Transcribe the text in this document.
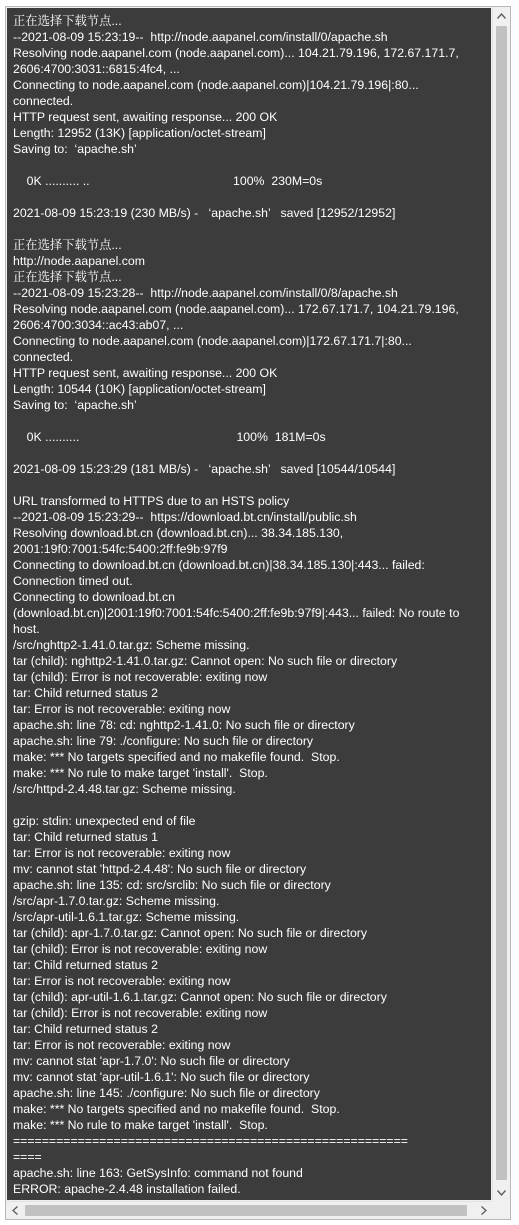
正在选择下载节点...
--2021-08-09 15:23:19--  http://node.aapanel.com/install/0/apache.sh
Resolving node.aapanel.com (node.aapanel.com)... 104.21.79.196, 172.67.171.7,
2606:4700:3031::6815:4fc4, ...
Connecting to node.aapanel.com (node.aapanel.com)|104.21.79.196|:80...
connected.
HTTP request sent, awaiting response... 200 OK
Length: 12952 (13K) [application/octet-stream]
Saving to:  ‘apache.sh’
0K .......... ..                                          100%  230M=0s
2021-08-09 15:23:19 (230 MB/s) -   ‘apache.sh’   saved [12952/12952]
正在选择下载节点...
http://node.aapanel.com
正在选择下载节点...
--2021-08-09 15:23:28--  http://node.aapanel.com/install/0/8/apache.sh
Resolving node.aapanel.com (node.aapanel.com)... 172.67.171.7, 104.21.79.196,
2606:4700:3034::ac43:ab07, ...
Connecting to node.aapanel.com (node.aapanel.com)|172.67.171.7|:80...
connected.
HTTP request sent, awaiting response... 200 OK
Length: 10544 (10K) [application/octet-stream]
Saving to:  ‘apache.sh’
0K ..........                                              100%  181M=0s
2021-08-09 15:23:29 (181 MB/s) -   ‘apache.sh’   saved [10544/10544]
URL transformed to HTTPS due to an HSTS policy
--2021-08-09 15:23:29--  https://download.bt.cn/install/public.sh
Resolving download.bt.cn (download.bt.cn)... 38.34.185.130,
2001:19f0:7001:54fc:5400:2ff:fe9b:97f9
Connecting to download.bt.cn (download.bt.cn)|38.34.185.130|:443... failed:
Connection timed out.
Connecting to download.bt.cn
(download.bt.cn)|2001:19f0:7001:54fc:5400:2ff:fe9b:97f9|:443... failed: No route to
host.
/src/nghttp2-1.41.0.tar.gz: Scheme missing.
tar (child): nghttp2-1.41.0.tar.gz: Cannot open: No such file or directory
tar (child): Error is not recoverable: exiting now
tar: Child returned status 2
tar: Error is not recoverable: exiting now
apache.sh: line 78: cd: nghttp2-1.41.0: No such file or directory
apache.sh: line 79: ./configure: No such file or directory
make: *** No targets specified and no makefile found.  Stop.
make: *** No rule to make target 'install'.  Stop.
/src/httpd-2.4.48.tar.gz: Scheme missing.
gzip: stdin: unexpected end of file
tar: Child returned status 1
tar: Error is not recoverable: exiting now
mv: cannot stat 'httpd-2.4.48': No such file or directory
apache.sh: line 135: cd: src/srclib: No such file or directory
/src/apr-1.7.0.tar.gz: Scheme missing.
/src/apr-util-1.6.1.tar.gz: Scheme missing.
tar (child): apr-1.7.0.tar.gz: Cannot open: No such file or directory
tar (child): Error is not recoverable: exiting now
tar: Child returned status 2
tar: Error is not recoverable: exiting now
tar (child): apr-util-1.6.1.tar.gz: Cannot open: No such file or directory
tar (child): Error is not recoverable: exiting now
tar: Child returned status 2
tar: Error is not recoverable: exiting now
mv: cannot stat 'apr-1.7.0': No such file or directory
mv: cannot stat 'apr-util-1.6.1': No such file or directory
apache.sh: line 145: ./configure: No such file or directory
make: *** No targets specified and no makefile found.  Stop.
make: *** No rule to make target 'install'.  Stop.
=======================================================
====
apache.sh: line 163: GetSysInfo: command not found
ERROR: apache-2.4.48 installation failed.
